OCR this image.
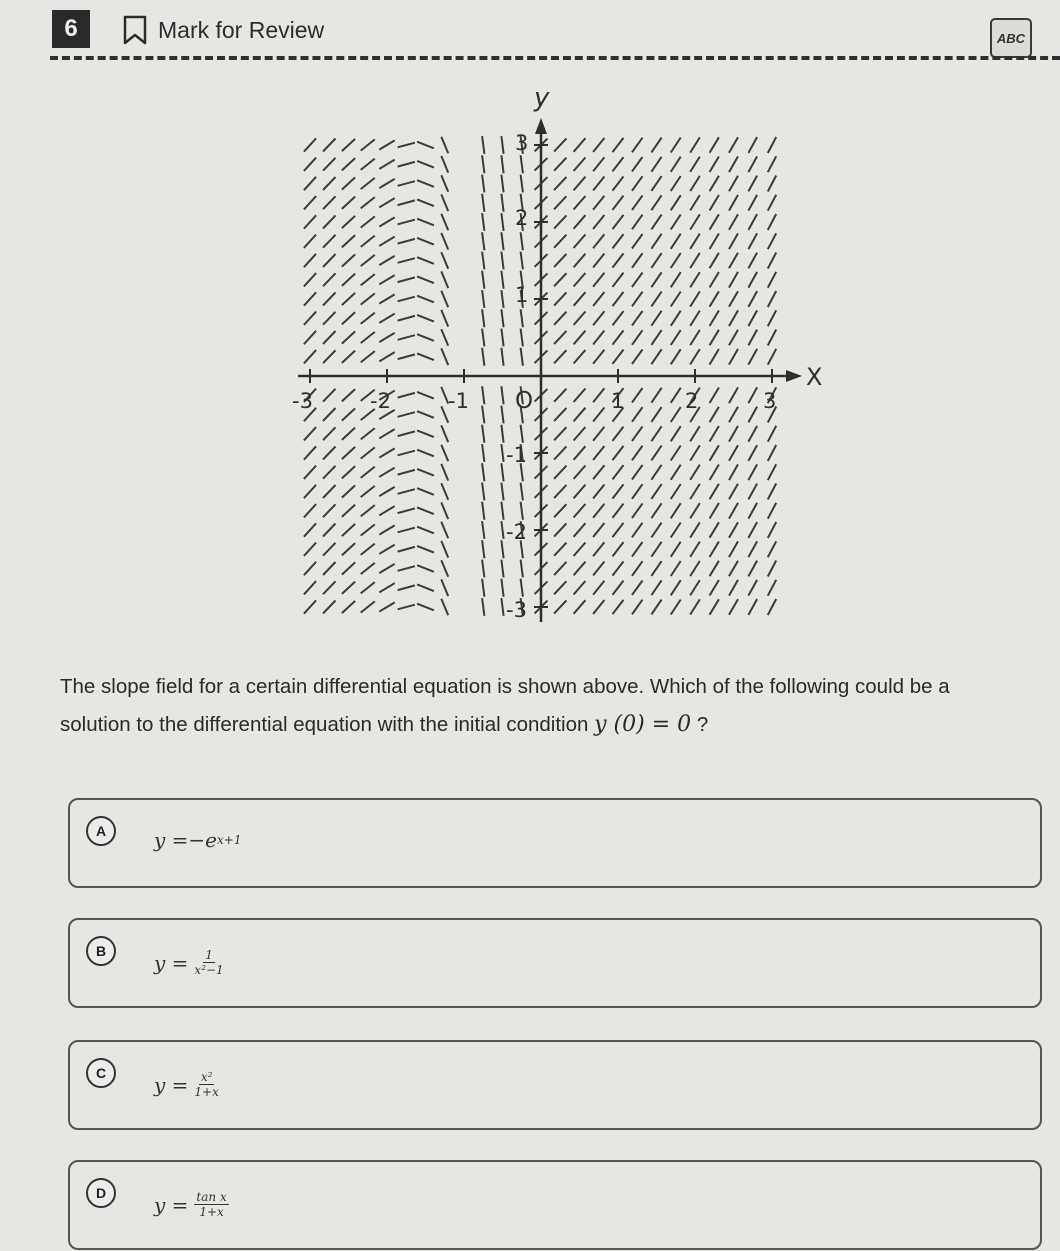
6	Mark for Review	ABC
X
y
O
-3	-2	-1	1	2	3
3
2
1
-1
-2
-3
The slope field for a certain differential equation is shown above. Which of the following could be a solution to the differential equation with the initial condition y (0) = 0 ?
A	y = −e x+1
B	$y = \frac{1}{\text{x²−1}}$
C	$y = \frac{\text{x²}}{1+x}$
D	$y = \frac{\text{tan x}}{1+x}$
